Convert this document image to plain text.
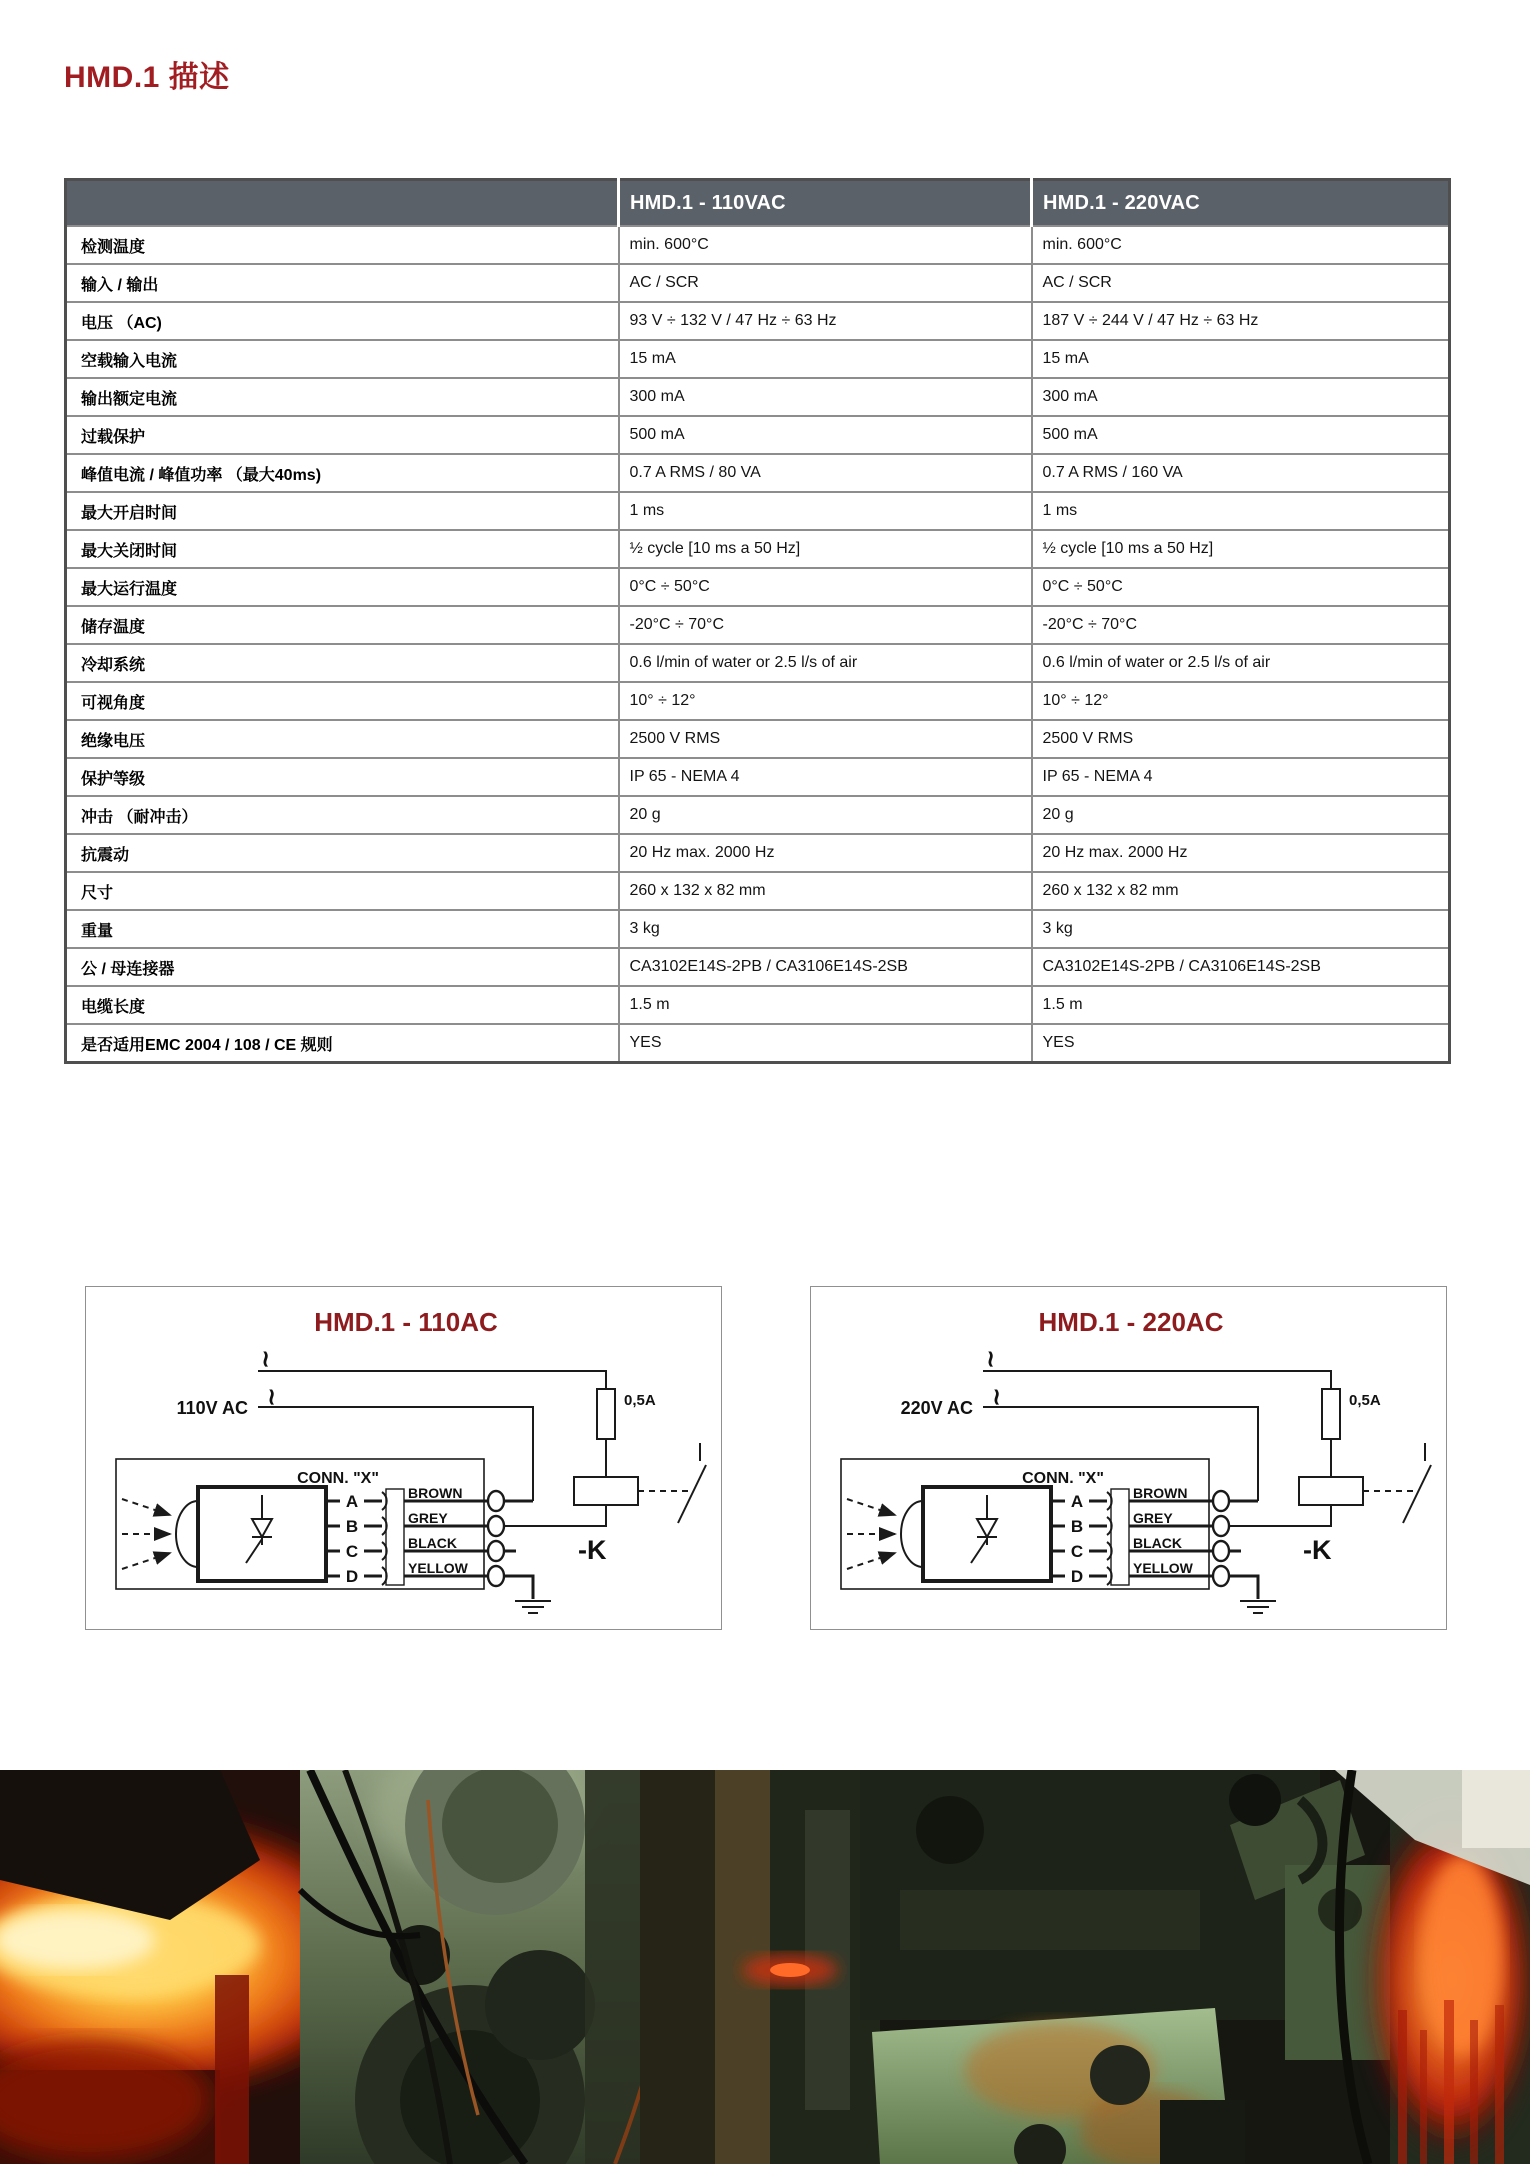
HMD.1 描述
	HMD.1 - 110VAC	HMD.1 - 220VAC
检测温度	min. 600°C	min. 600°C
输入 / 输出	AC / SCR	AC / SCR
电压 （AC)	93 V ÷ 132 V / 47 Hz ÷ 63 Hz	187 V ÷ 244 V / 47 Hz ÷ 63 Hz
空载输入电流	15 mA	15 mA
输出额定电流	300 mA	300 mA
过载保护	500 mA	500 mA
峰值电流 / 峰值功率 （最大40ms)	0.7 A RMS / 80 VA	0.7 A RMS / 160 VA
最大开启时间	1 ms	1 ms
最大关闭时间	½ cycle [10 ms a 50 Hz]	½ cycle [10 ms a 50 Hz]
最大运行温度	0°C ÷ 50°C	0°C ÷ 50°C
储存温度	-20°C ÷ 70°C	-20°C ÷ 70°C
冷却系统	0.6 l/min of water or 2.5 l/s of air	0.6 l/min of water or 2.5 l/s of air
可视角度	10° ÷ 12°	10° ÷ 12°
绝缘电压	2500 V RMS	2500 V RMS
保护等级	IP 65 - NEMA 4	IP 65 - NEMA 4
冲击 （耐冲击）	20 g	20 g
抗震动	20 Hz max. 2000 Hz	20 Hz max. 2000 Hz
尺寸	260 x 132 x 82 mm	260 x 132 x 82 mm
重量	3 kg	3 kg
公 / 母连接器	CA3102E14S-2PB / CA3106E14S-2SB	CA3102E14S-2PB / CA3106E14S-2SB
电缆长度	1.5 m	1.5 m
是否适用EMC 2004 / 108 / CE 规则	YES	YES
HMD.1 - 110AC
~
~
110V AC	0,5A
-K
CONN. "X"
A
B
C
D
BROWN
GREY
BLACK
YELLOW
HMD.1 - 220AC
~
~
220V AC	0,5A
-K
CONN. "X"
A
B
C
D
BROWN
GREY
BLACK
YELLOW
